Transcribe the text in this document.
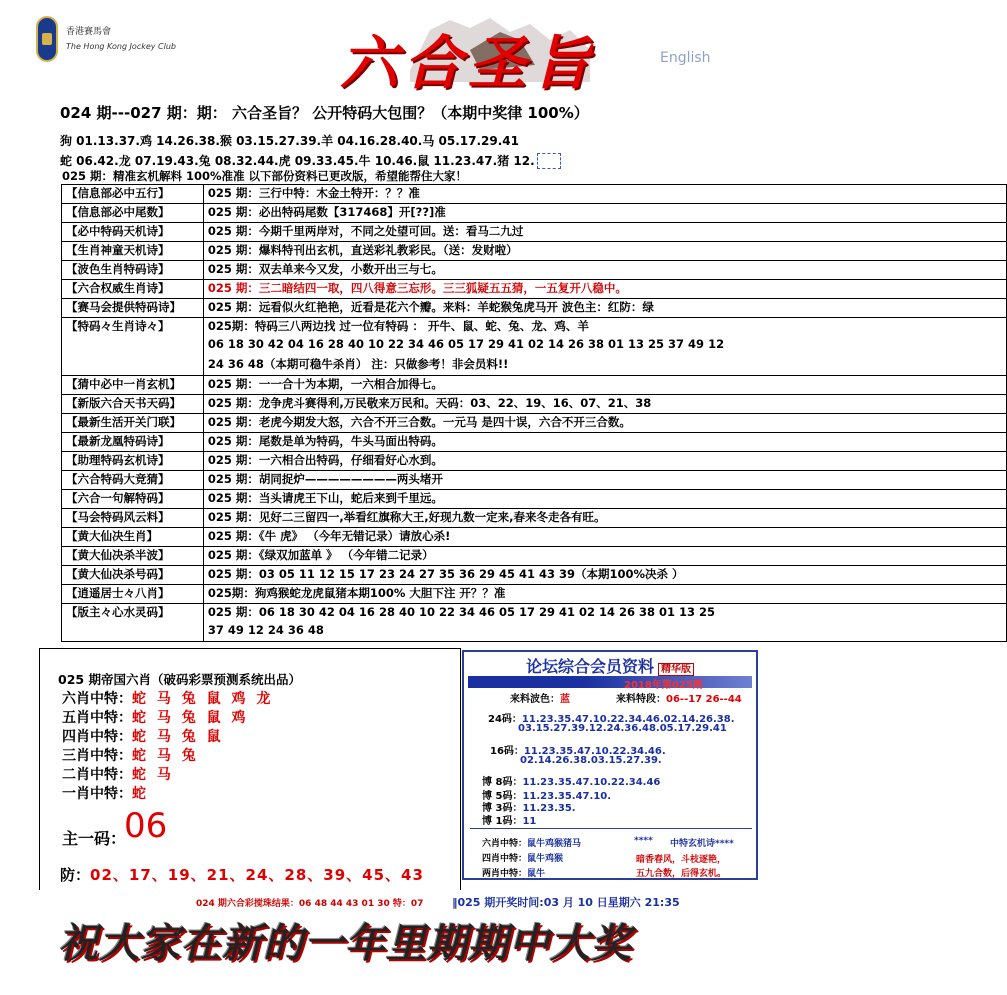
香港賽馬會
The Hong Kong Jockey Club	六合圣旨	English
024 期---027 期：期： 六合圣旨？ 公开特码大包围？（本期中奖律 100%）
狗 01.13.37.鸡 14.26.38.猴 03.15.27.39.羊 04.16.28.40.马 05.17.29.41
蛇 06.42.龙 07.19.43.兔 08.32.44.虎 09.33.45.牛 10.46.鼠 11.23.47.猪 12.
025 期：精准玄机解料 100%准准 以下部份资料已更改版，希望能帮住大家！
【信息部必中五行】	025 期：三行中特：木金土特开：？？准

【信息部必中尾数】	025 期：必出特码尾数【317468】开[??]准

【必中特码天机诗】	025 期：今期千里两岸对，不同之处望可回。送：看马二九过

【生肖神童天机诗】	025 期：爆料特刊出玄机，直送彩礼教彩民。（送：发财啦）

【波色生肖特码诗】	025 期：双去单来今又发，小数开出三与七。

【六合权威生肖诗】	025 期：三二暗结四一取，四八得意三忘形。三三狐疑五五猜，一五复开八稳中。

【赛马会提供特码诗】	025 期：远看似火红艳艳，近看是花六个瓣。来料：羊蛇猴兔虎马开 波色主：红防：绿

【特码々生肖诗々】	025期：特码三八两边找 过一位有特码 ： 开牛、鼠、蛇、兔、龙、鸡、羊
06 18 30 42 04 16 28 40 10 22 34 46 05 17 29 41 02 14 26 38 01 13 25 37 49 12
24 36 48（本期可稳牛杀肖） 注：只做参考！非会员料!!

【猜中必中一肖玄机】	025 期：一一合十为本期，一六相合加得七。

【新版六合天书天码】	025 期：龙争虎斗赛得利,万民敬来万民和。天码：03、22、19、16、07、21、38

【最新生活开关门联】	025 期：老虎今期发大怒，六合不开三合数。一元马 是四十误，六合不开三合数。

【最新龙凰特码诗】	025 期：尾数是单为特码，牛头马面出特码。

【助理特码玄机诗】	025 期：一六相合出特码，仔细看好心水到。

【六合特码大竞猜】	025 期：胡同捉炉————————两头堵开

【六合一句解特码】	025 期：当头请虎王下山，蛇后来到千里远。

【马会特码风云料】	025 期：见好二三留四一,举看红旗称大王,好现九数一定来,春来冬走各有旺。

【黄大仙决生肖】	025 期：《牛 虎》 （今年无错记录）请放心杀!

【黄大仙决杀半波】	025 期：《绿双加蓝单 》 （今年错二记录）

【黄大仙决杀号码】	025 期：03 05 11 12 15 17 23 24 27 35 36 29 45 41 43 39（本期100%决杀 ）

【逍遥居士々八肖】	025期：狗鸡猴蛇龙虎鼠猪本期100% 大胆下注 开？？准

【版主々心水灵码】	025 期：06 18 30 42 04 16 28 40 10 22 34 46 05 17 29 41 02 14 26 38 01 13 25
37 49 12 24 36 48
025 期帝国六肖（破码彩票预测系统出品）
六肖中特：蛇 马 兔 鼠 鸡 龙
五肖中特：蛇 马 兔 鼠 鸡
四肖中特：蛇 马 兔 鼠
三肖中特：蛇 马 兔
二肖中特：蛇 马
一肖中特：蛇
主一码：
06
防：02、17、19、21、24、28、39、45、43
论坛综合会员资料 精华版
2018年第025期
来料波色：蓝	来料特段：06--17 26--44
24码：11.23.35.47.10.22.34.46.02.14.26.38.
03.15.27.39.12.24.36.48.05.17.29.41
16码：11.23.35.47.10.22.34.46.
02.14.26.38.03.15.27.39.
博 8码：11.23.35.47.10.22.34.46
博 5码：11.23.35.47.10.
博 3码：11.23.35.
博 1码：11
六肖中特：鼠牛鸡猴猪马
四肖中特：鼠牛鸡猴
两肖中特：鼠牛
**** 中特玄机诗****
暗香春风，斗枝逐艳，
五九合数，后得玄机。
024 期六合彩搅珠结果：06 48 44 43 01 30 特：07	‖025 期开奖时间:03 月 10 日星期六 21:35
祝大家在新的一年里期期中大奖
